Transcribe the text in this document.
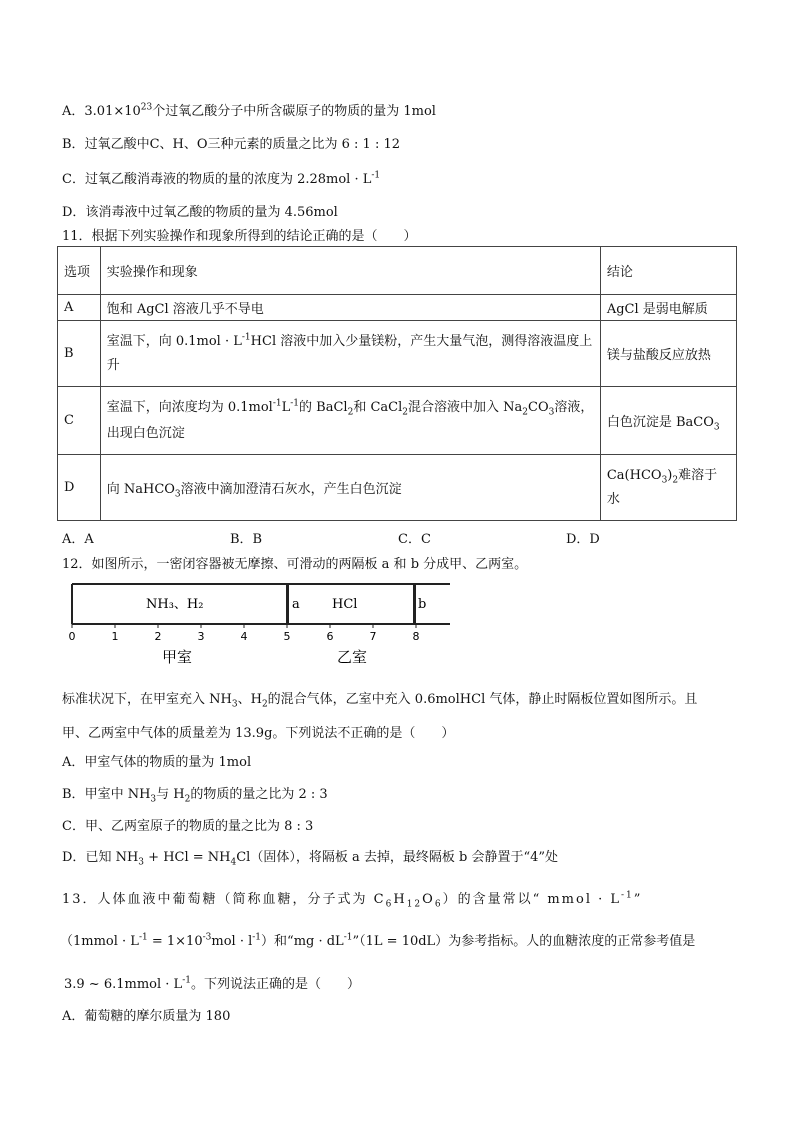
A．$3.01\times 10^{23}$个过氧乙酸分子中所含碳原子的物质的量为 1mol
B．过氧乙酸中C、H、O三种元素的质量之比为 6 : 1 : 12
C．过氧乙酸消毒液的物质的量的浓度为 $2.28mol \cdot L^{-1}$
D．该消毒液中过氧乙酸的物质的量为 4.56mol
11．根据下列实验操作和现象所得到的结论正确的是（　　）
选项	实验操作和现象	结论
A	饱和 AgCl 溶液几乎不导电	AgCl 是弱电解质
B	室温下，向 $0.1mol \cdot L^{-1}HCl$ 溶液中加入少量镁粉，产生大量气泡，测得溶液温度上升	镁与盐酸反应放热
C	室温下，向浓度均为 $0.1mol^{-1}L^{-1}$的 BaCl$_2$和 CaCl$_2$混合溶液中加入 $Na_2CO_3$溶液，出现白色沉淀	白色沉淀是 BaCO$_3$
D	向 NaHCO$_3$溶液中滴加澄清石灰水，产生白色沉淀	$Ca(HCO_3)_2$难溶于水
A．A	B．B	C．C	D．D
12．如图所示，一密闭容器被无摩擦、可滑动的两隔板 a 和 b 分成甲、乙两室。
NH₃、H₂	a HCl	b
0	1	2	3	4	5	6	7	8
甲室	乙室
标准状况下，在甲室充入 $NH_3$、$H_2$的混合气体，乙室中充入 0.6molHCl 气体，静止时隔板位置如图所示。且
甲、乙两室中气体的质量差为 13.9g。下列说法不正确的是（　　）
A．甲室气体的物质的量为 1mol
B．甲室中 $NH_3$与 $H_2$的物质的量之比为 2 : 3
C．甲、乙两室原子的物质的量之比为 8 : 3
D．已知 $NH_3$ + HCl = $NH_4Cl$（固体），将隔板 a 去掉，最终隔板 b 会静置于“4”处
13．人体血液中葡萄糖（简称血糖，分子式为 $C_6H_{12}O_6$）的含量常以“ mmol · $L^{-1}$”
（1mmol · $L^{-1} = 1\times 10^{-3}mol \cdot l^{-1}$）和“mg · $dL^{-1}”(1L = 10dL)$为参考指标。人的血糖浓度的正常参考值是
3.9 ~ 6.1mmol · $L^{-1}$。下列说法正确的是（　　）
A．葡萄糖的摩尔质量为 180
